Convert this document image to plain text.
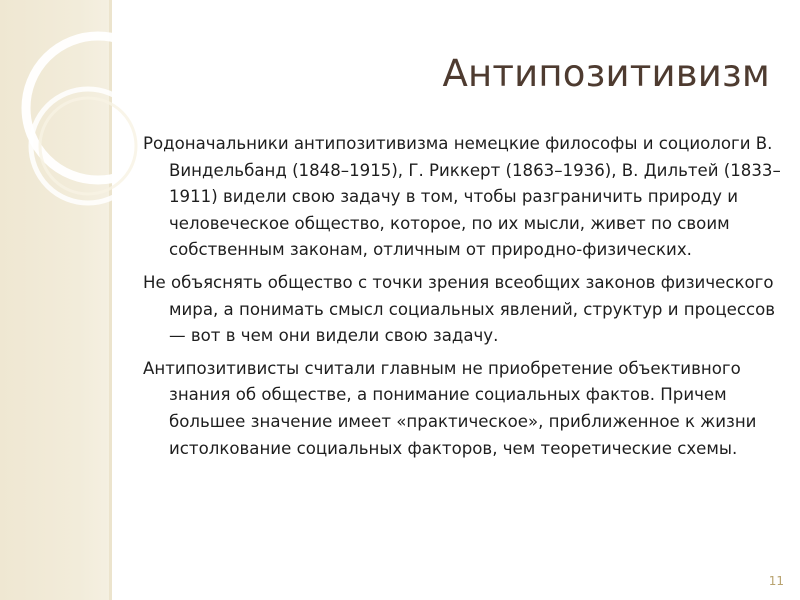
Антипозитивизм

Родоначальники антипозитивизма немецкие философы и социологи В. Виндельбанд (1848–1915), Г. Риккерт (1863–1936), В. Дильтей (1833–1911) видели свою задачу в том, чтобы разграничить природу и человеческое общество, которое, по их мысли, живет по своим собственным законам, отличным от природно-физических.

Не объяснять общество с точки зрения всеобщих законов физического мира, а понимать смысл социальных явлений, структур и процессов — вот в чем они видели свою задачу.

Антипозитивисты считали главным не приобретение объективного знания об обществе, а понимание социальных фактов. Причем большее значение имеет «практическое», приближенное к жизни истолкование социальных факторов, чем теоретические схемы.

11
